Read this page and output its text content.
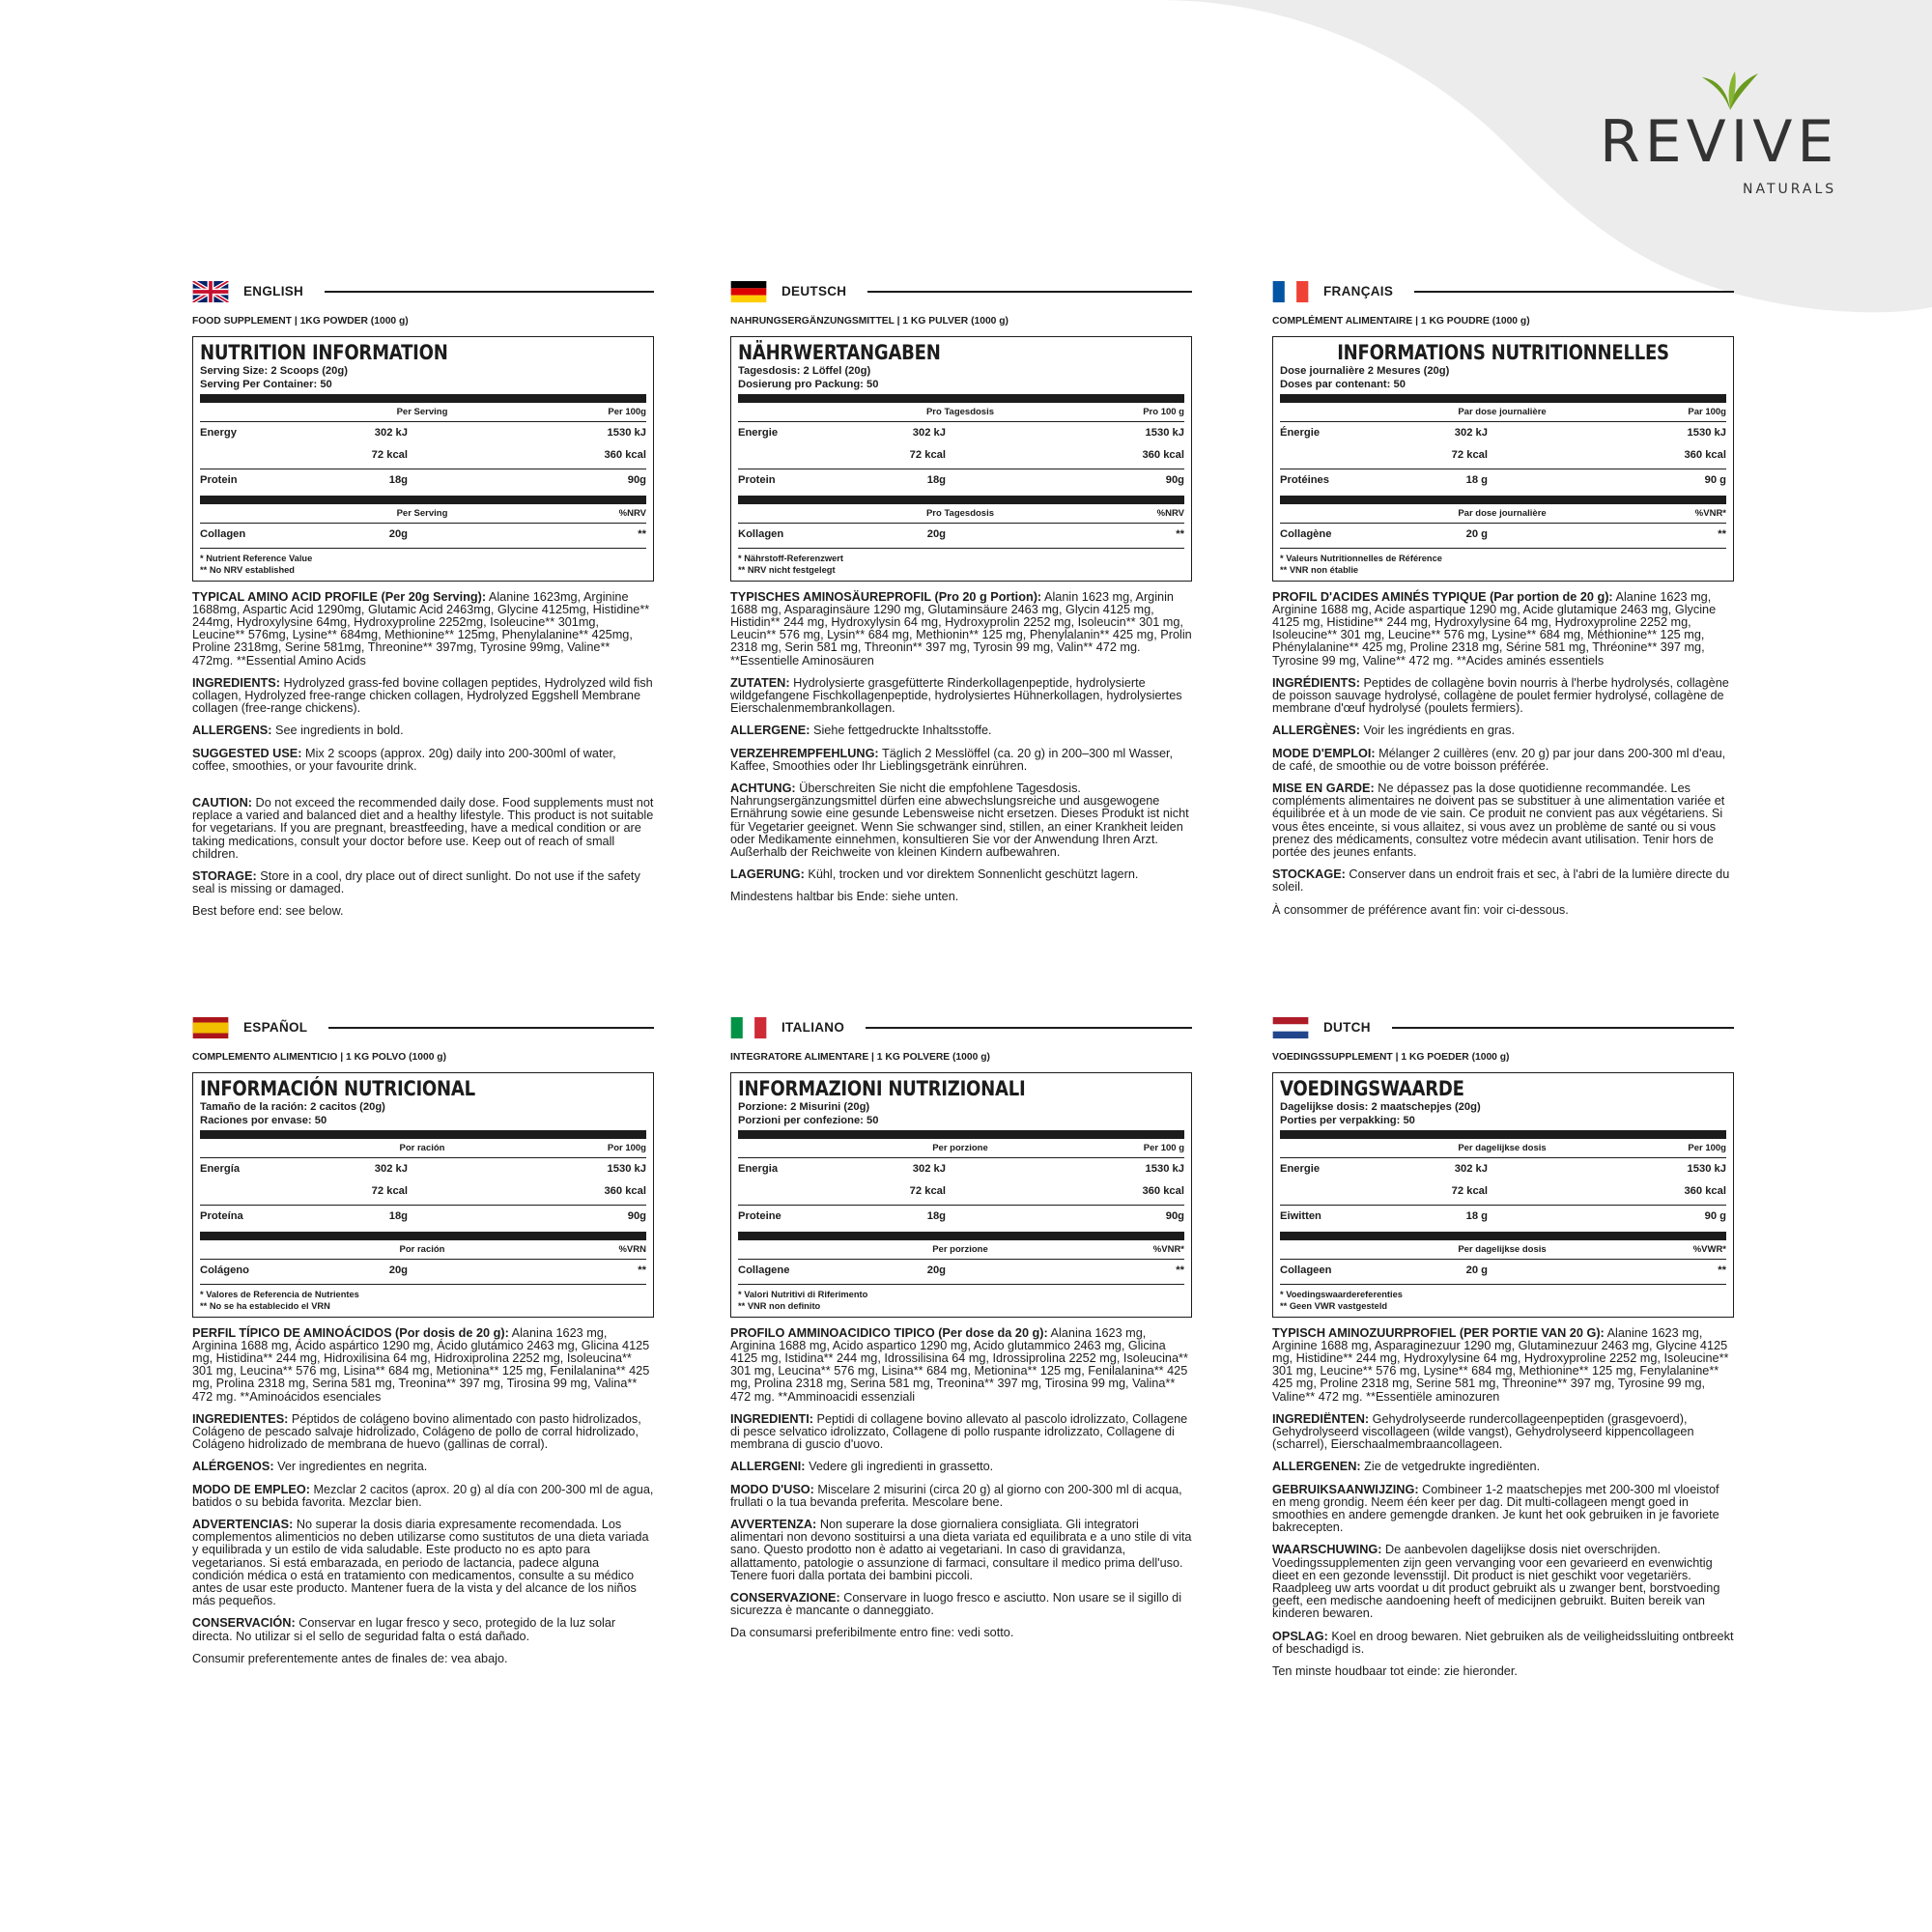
REVIVE
NATURALS
ENGLISH
FOOD SUPPLEMENT | 1KG POWDER (1000 g)
NUTRITION INFORMATION
Serving Size: 2 Scoops (20g)
Serving Per Container: 50
Per Serving	Per 100g
Energy	302 kJ	1530 kJ
72 kcal	360 kcal
Protein	18g	90g
Per Serving	%NRV
Collagen	20g	**
* Nutrient Reference Value
** No NRV established
TYPICAL AMINO ACID PROFILE (Per 20g Serving): Alanine 1623mg, Arginine 1688mg, Aspartic Acid 1290mg, Glutamic Acid 2463mg, Glycine 4125mg, Histidine** 244mg, Hydroxylysine 64mg, Hydroxyproline 2252mg, Isoleucine** 301mg, Leucine** 576mg, Lysine** 684mg, Methionine** 125mg, Phenylalanine** 425mg, Proline 2318mg, Serine 581mg, Threonine** 397mg, Tyrosine 99mg, Valine** 472mg. **Essential Amino Acids
INGREDIENTS: Hydrolyzed grass-fed bovine collagen peptides, Hydrolyzed wild fish collagen, Hydrolyzed free-range chicken collagen, Hydrolyzed Eggshell Membrane collagen (free-range chickens).
ALLERGENS: See ingredients in bold.
SUGGESTED USE: Mix 2 scoops (approx. 20g) daily into 200-300ml of water, coffee, smoothies, or your favourite drink.
CAUTION: Do not exceed the recommended daily dose. Food supplements must not replace a varied and balanced diet and a healthy lifestyle. This product is not suitable for vegetarians. If you are pregnant, breastfeeding, have a medical condition or are taking medications, consult your doctor before use. Keep out of reach of small children.
STORAGE: Store in a cool, dry place out of direct sunlight. Do not use if the safety seal is missing or damaged.
Best before end: see below.
DEUTSCH
NAHRUNGSERGÄNZUNGSMITTEL | 1 KG PULVER (1000 g)
NÄHRWERTANGABEN
Tagesdosis: 2 Löffel (20g)
Dosierung pro Packung: 50
Pro Tagesdosis	Pro 100 g
Energie	302 kJ	1530 kJ
72 kcal	360 kcal
Protein	18g	90g
Pro Tagesdosis	%NRV
Kollagen	20g	**
* Nährstoff-Referenzwert
** NRV nicht festgelegt
TYPISCHES AMINOSÄUREPROFIL (Pro 20 g Portion): Alanin 1623 mg, Arginin 1688 mg, Asparaginsäure 1290 mg, Glutaminsäure 2463 mg, Glycin 4125 mg, Histidin** 244 mg, Hydroxylysin 64 mg, Hydroxyprolin 2252 mg, Isoleucin** 301 mg, Leucin** 576 mg, Lysin** 684 mg, Methionin** 125 mg, Phenylalanin** 425 mg, Prolin 2318 mg, Serin 581 mg, Threonin** 397 mg, Tyrosin 99 mg, Valin** 472 mg. **Essentielle Aminosäuren
ZUTATEN: Hydrolysierte grasgefütterte Rinderkollagenpeptide, hydrolysierte wildgefangene Fischkollagenpeptide, hydrolysiertes Hühnerkollagen, hydrolysiertes Eierschalenmembrankollagen.
ALLERGENE: Siehe fettgedruckte Inhaltsstoffe.
VERZEHREMPFEHLUNG: Täglich 2 Messlöffel (ca. 20 g) in 200–300 ml Wasser, Kaffee, Smoothies oder Ihr Lieblingsgetränk einrühren.
ACHTUNG: Überschreiten Sie nicht die empfohlene Tagesdosis. Nahrungsergänzungsmittel dürfen eine abwechslungsreiche und ausgewogene Ernährung sowie eine gesunde Lebensweise nicht ersetzen. Dieses Produkt ist nicht für Vegetarier geeignet. Wenn Sie schwanger sind, stillen, an einer Krankheit leiden oder Medikamente einnehmen, konsultieren Sie vor der Anwendung Ihren Arzt. Außerhalb der Reichweite von kleinen Kindern aufbewahren.
LAGERUNG: Kühl, trocken und vor direktem Sonnenlicht geschützt lagern.
Mindestens haltbar bis Ende: siehe unten.
FRANÇAIS
COMPLÉMENT ALIMENTAIRE | 1 KG POUDRE (1000 g)
INFORMATIONS NUTRITIONNELLES
Dose journalière 2 Mesures (20g)
Doses par contenant: 50
Par dose journalière	Par 100g
Énergie	302 kJ	1530 kJ
72 kcal	360 kcal
Protéines	18 g	90 g
Par dose journalière	%VNR*
Collagène	20 g	**
* Valeurs Nutritionnelles de Référence
** VNR non établie
PROFIL D'ACIDES AMINÉS TYPIQUE (Par portion de 20 g): Alanine 1623 mg, Arginine 1688 mg, Acide aspartique 1290 mg, Acide glutamique 2463 mg, Glycine 4125 mg, Histidine** 244 mg, Hydroxylysine 64 mg, Hydroxyproline 2252 mg, Isoleucine** 301 mg, Leucine** 576 mg, Lysine** 684 mg, Méthionine** 125 mg, Phénylalanine** 425 mg, Proline 2318 mg, Sérine 581 mg, Thréonine** 397 mg, Tyrosine 99 mg, Valine** 472 mg. **Acides aminés essentiels
INGRÉDIENTS: Peptides de collagène bovin nourris à l'herbe hydrolysés, collagène de poisson sauvage hydrolysé, collagène de poulet fermier hydrolysé, collagène de membrane d'œuf hydrolysé (poulets fermiers).
ALLERGÈNES: Voir les ingrédients en gras.
MODE D'EMPLOI: Mélanger 2 cuillères (env. 20 g) par jour dans 200-300 ml d'eau, de café, de smoothie ou de votre boisson préférée.
MISE EN GARDE: Ne dépassez pas la dose quotidienne recommandée. Les compléments alimentaires ne doivent pas se substituer à une alimentation variée et équilibrée et à un mode de vie sain. Ce produit ne convient pas aux végétariens. Si vous êtes enceinte, si vous allaitez, si vous avez un problème de santé ou si vous prenez des médicaments, consultez votre médecin avant utilisation. Tenir hors de portée des jeunes enfants.
STOCKAGE: Conserver dans un endroit frais et sec, à l'abri de la lumière directe du soleil.
À consommer de préférence avant fin: voir ci-dessous.
ESPAÑOL
COMPLEMENTO ALIMENTICIO | 1 KG POLVO (1000 g)
INFORMACIÓN NUTRICIONAL
Tamaño de la ración: 2 cacitos (20g)
Raciones por envase: 50
Por ración	Por 100g
Energía	302 kJ	1530 kJ
72 kcal	360 kcal
Proteína	18g	90g
Por ración	%VRN
Colágeno	20g	**
* Valores de Referencia de Nutrientes
** No se ha establecido el VRN
PERFIL TÍPICO DE AMINOÁCIDOS (Por dosis de 20 g): Alanina 1623 mg, Arginina 1688 mg, Ácido aspártico 1290 mg, Ácido glutámico 2463 mg, Glicina 4125 mg, Histidina** 244 mg, Hidroxilisina 64 mg, Hidroxiprolina 2252 mg, Isoleucina** 301 mg, Leucina** 576 mg, Lisina** 684 mg, Metionina** 125 mg, Fenilalanina** 425 mg, Prolina 2318 mg, Serina 581 mg, Treonina** 397 mg, Tirosina 99 mg, Valina** 472 mg. **Aminoácidos esenciales
INGREDIENTES: Péptidos de colágeno bovino alimentado con pasto hidrolizados, Colágeno de pescado salvaje hidrolizado, Colágeno de pollo de corral hidrolizado, Colágeno hidrolizado de membrana de huevo (gallinas de corral).
ALÉRGENOS: Ver ingredientes en negrita.
MODO DE EMPLEO: Mezclar 2 cacitos (aprox. 20 g) al día con 200-300 ml de agua, batidos o su bebida favorita. Mezclar bien.
ADVERTENCIAS: No superar la dosis diaria expresamente recomendada. Los complementos alimenticios no deben utilizarse como sustitutos de una dieta variada y equilibrada y un estilo de vida saludable. Este producto no es apto para vegetarianos. Si está embarazada, en periodo de lactancia, padece alguna condición médica o está en tratamiento con medicamentos, consulte a su médico antes de usar este producto. Mantener fuera de la vista y del alcance de los niños más pequeños.
CONSERVACIÓN: Conservar en lugar fresco y seco, protegido de la luz solar directa. No utilizar si el sello de seguridad falta o está dañado.
Consumir preferentemente antes de finales de: vea abajo.
ITALIANO
INTEGRATORE ALIMENTARE | 1 KG POLVERE (1000 g)
INFORMAZIONI NUTRIZIONALI
Porzione: 2 Misurini (20g)
Porzioni per confezione: 50
Per porzione	Per 100 g
Energia	302 kJ	1530 kJ
72 kcal	360 kcal
Proteine	18g	90g
Per porzione	%VNR*
Collagene	20g	**
* Valori Nutritivi di Riferimento
** VNR non definito
PROFILO AMMINOACIDICO TIPICO (Per dose da 20 g): Alanina 1623 mg, Arginina 1688 mg, Acido aspartico 1290 mg, Acido glutammico 2463 mg, Glicina 4125 mg, Istidina** 244 mg, Idrossilisina 64 mg, Idrossiprolina 2252 mg, Isoleucina** 301 mg, Leucina** 576 mg, Lisina** 684 mg, Metionina** 125 mg, Fenilalanina** 425 mg, Prolina 2318 mg, Serina 581 mg, Treonina** 397 mg, Tirosina 99 mg, Valina** 472 mg. **Amminoacidi essenziali
INGREDIENTI: Peptidi di collagene bovino allevato al pascolo idrolizzato, Collagene di pesce selvatico idrolizzato, Collagene di pollo ruspante idrolizzato, Collagene di membrana di guscio d'uovo.
ALLERGENI: Vedere gli ingredienti in grassetto.
MODO D'USO: Miscelare 2 misurini (circa 20 g) al giorno con 200-300 ml di acqua, frullati o la tua bevanda preferita. Mescolare bene.
AVVERTENZA: Non superare la dose giornaliera consigliata. Gli integratori alimentari non devono sostituirsi a una dieta variata ed equilibrata e a uno stile di vita sano. Questo prodotto non è adatto ai vegetariani. In caso di gravidanza, allattamento, patologie o assunzione di farmaci, consultare il medico prima dell'uso. Tenere fuori dalla portata dei bambini piccoli.
CONSERVAZIONE: Conservare in luogo fresco e asciutto. Non usare se il sigillo di sicurezza è mancante o danneggiato.
Da consumarsi preferibilmente entro fine: vedi sotto.
DUTCH
VOEDINGSSUPPLEMENT | 1 KG POEDER (1000 g)
VOEDINGSWAARDE
Dagelijkse dosis: 2 maatschepjes (20g)
Porties per verpakking: 50
Per dagelijkse dosis	Per 100g
Energie	302 kJ	1530 kJ
72 kcal	360 kcal
Eiwitten	18 g	90 g
Per dagelijkse dosis	%VWR*
Collageen	20 g	**
* Voedingswaardereferenties
** Geen VWR vastgesteld
TYPISCH AMINOZUURPROFIEL (PER PORTIE VAN 20 G): Alanine 1623 mg, Arginine 1688 mg, Asparaginezuur 1290 mg, Glutaminezuur 2463 mg, Glycine 4125 mg, Histidine** 244 mg, Hydroxylysine 64 mg, Hydroxyproline 2252 mg, Isoleucine** 301 mg, Leucine** 576 mg, Lysine** 684 mg, Methionine** 125 mg, Fenylalanine** 425 mg, Proline 2318 mg, Serine 581 mg, Threonine** 397 mg, Tyrosine 99 mg, Valine** 472 mg. **Essentiële aminozuren
INGREDIËNTEN: Gehydrolyseerde rundercollageenpeptiden (grasgevoerd), Gehydrolyseerd viscollageen (wilde vangst), Gehydrolyseerd kippencollageen (scharrel), Eierschaalmembraancollageen.
ALLERGENEN: Zie de vetgedrukte ingrediënten.
GEBRUIKSAANWIJZING: Combineer 1-2 maatschepjes met 200-300 ml vloeistof en meng grondig. Neem één keer per dag. Dit multi-collageen mengt goed in smoothies en andere gemengde dranken. Je kunt het ook gebruiken in je favoriete bakrecepten.
WAARSCHUWING: De aanbevolen dagelijkse dosis niet overschrijden. Voedingssupplementen zijn geen vervanging voor een gevarieerd en evenwichtig dieet en een gezonde levensstijl. Dit product is niet geschikt voor vegetariërs. Raadpleeg uw arts voordat u dit product gebruikt als u zwanger bent, borstvoeding geeft, een medische aandoening heeft of medicijnen gebruikt. Buiten bereik van kinderen bewaren.
OPSLAG: Koel en droog bewaren. Niet gebruiken als de veiligheidssluiting ontbreekt of beschadigd is.
Ten minste houdbaar tot einde: zie hieronder.
